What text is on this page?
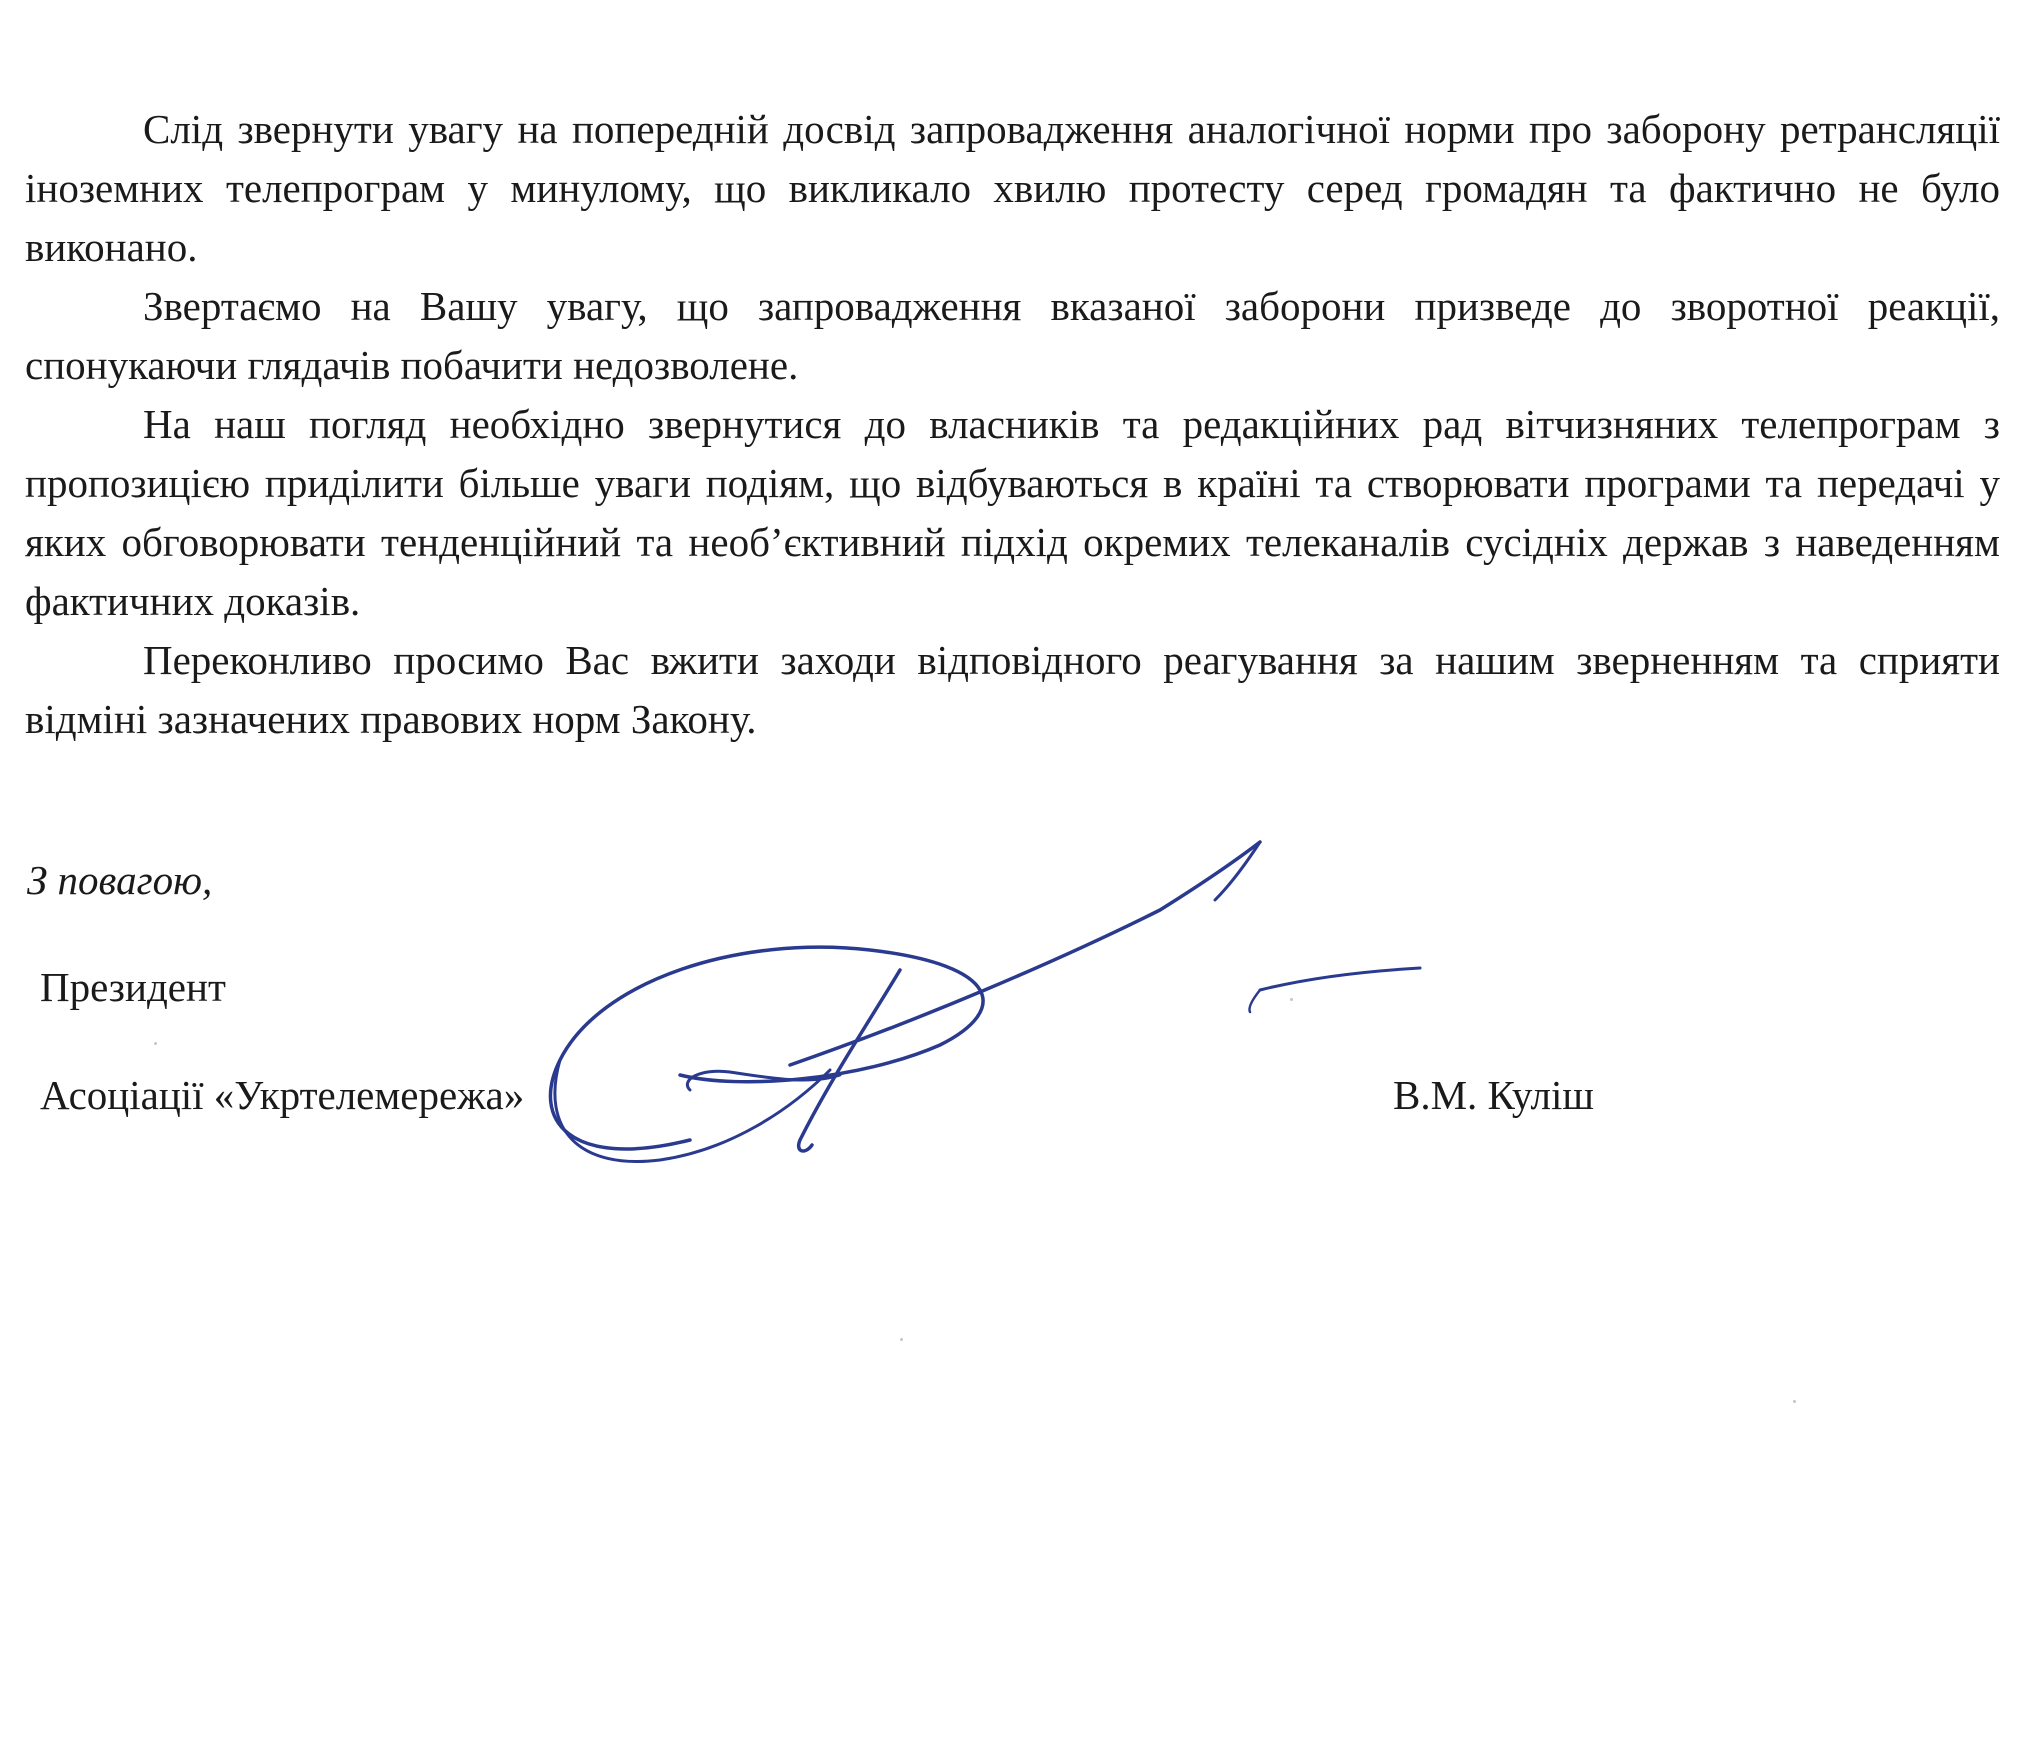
Слід звернути увагу на попередній досвід запровадження аналогічної норми про заборону ретрансляції іноземних телепрограм у минулому, що викликало хвилю протесту серед громадян та фактично не було виконано.

Звертаємо на Вашу увагу, що запровадження вказаної заборони призведе до зворотної реакції, спонукаючи глядачів побачити недозволене.

На наш погляд необхідно звернутися до власників та редакційних рад вітчизняних телепрограм з пропозицією приділити більше уваги подіям, що відбуваються в країні та створювати програми та передачі у яких обговорювати тенденційний та необ’єктивний підхід окремих телеканалів сусідніх держав з наведенням фактичних доказів.

Переконливо просимо Вас вжити заходи відповідного реагування за нашим зверненням та сприяти відміні зазначених правових норм Закону.

З повагою,
Президент
Асоціації «Укртелемережа»	В.М. Куліш
